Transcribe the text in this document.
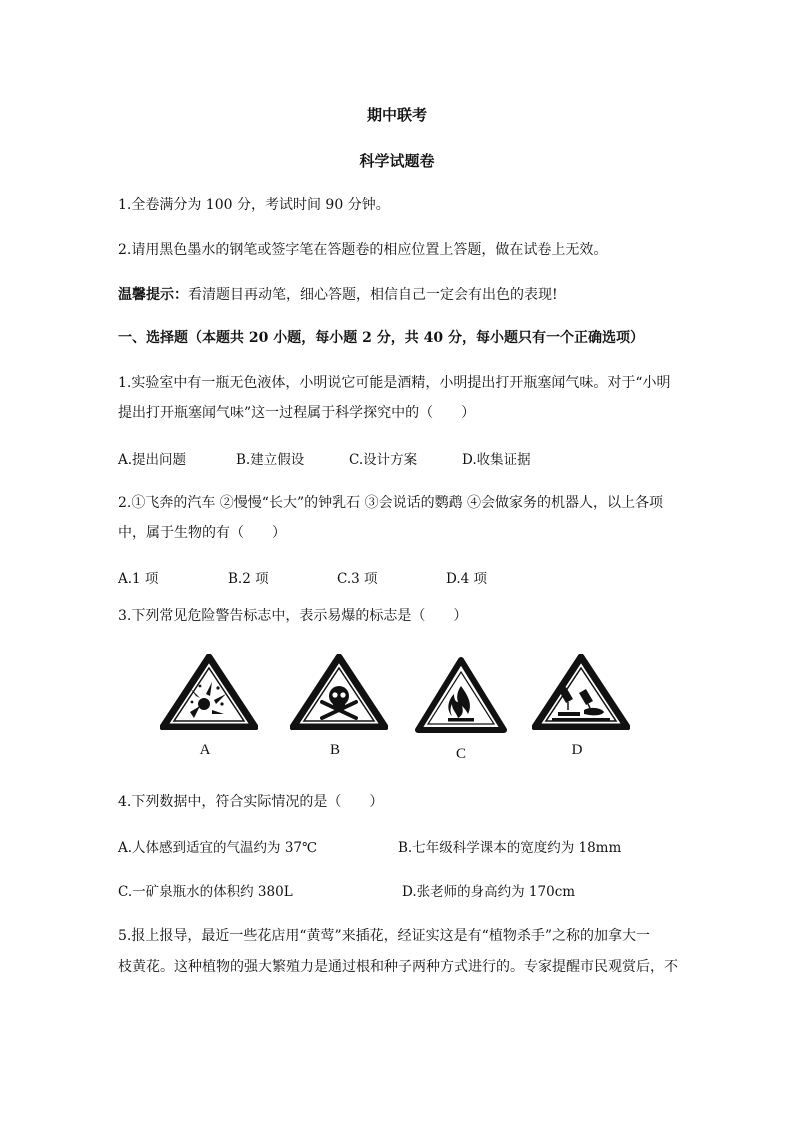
期中联考
科学试题卷
1.全卷满分为 100 分，考试时间 90 分钟。
2.请用黑色墨水的钢笔或签字笔在答题卷的相应位置上答题，做在试卷上无效。
温馨提示：看清题目再动笔，细心答题，相信自己一定会有出色的表现!
一、选择题（本题共 20 小题，每小题 2 分，共 40 分，每小题只有一个正确选项）
1.实验室中有一瓶无色液体，小明说它可能是酒精，小明提出打开瓶塞闻气味。对于“小明
提出打开瓶塞闻气味”这一过程属于科学探究中的（　　）
A.提出问题	B.建立假设	C.设计方案	D.收集证据
2.①飞奔的汽车 ②慢慢“长大”的钟乳石 ③会说话的鹦鹉 ④会做家务的机器人，以上各项
中，属于生物的有（　　）
A.1 项	B.2 项	C.3 项	D.4 项
3.下列常见危险警告标志中，表示易爆的标志是（　　）
A	B	C	D
4.下列数据中，符合实际情况的是（　　）
A.人体感到适宜的气温约为 37℃	B.七年级科学课本的宽度约为 18mm
C.一矿泉瓶水的体积约 380L	D.张老师的身高约为 170cm
5.报上报导，最近一些花店用“黄莺”来插花，经证实这是有“植物杀手”之称的加拿大一
枝黄花。这种植物的强大繁殖力是通过根和种子两种方式进行的。专家提醒市民观赏后，不
